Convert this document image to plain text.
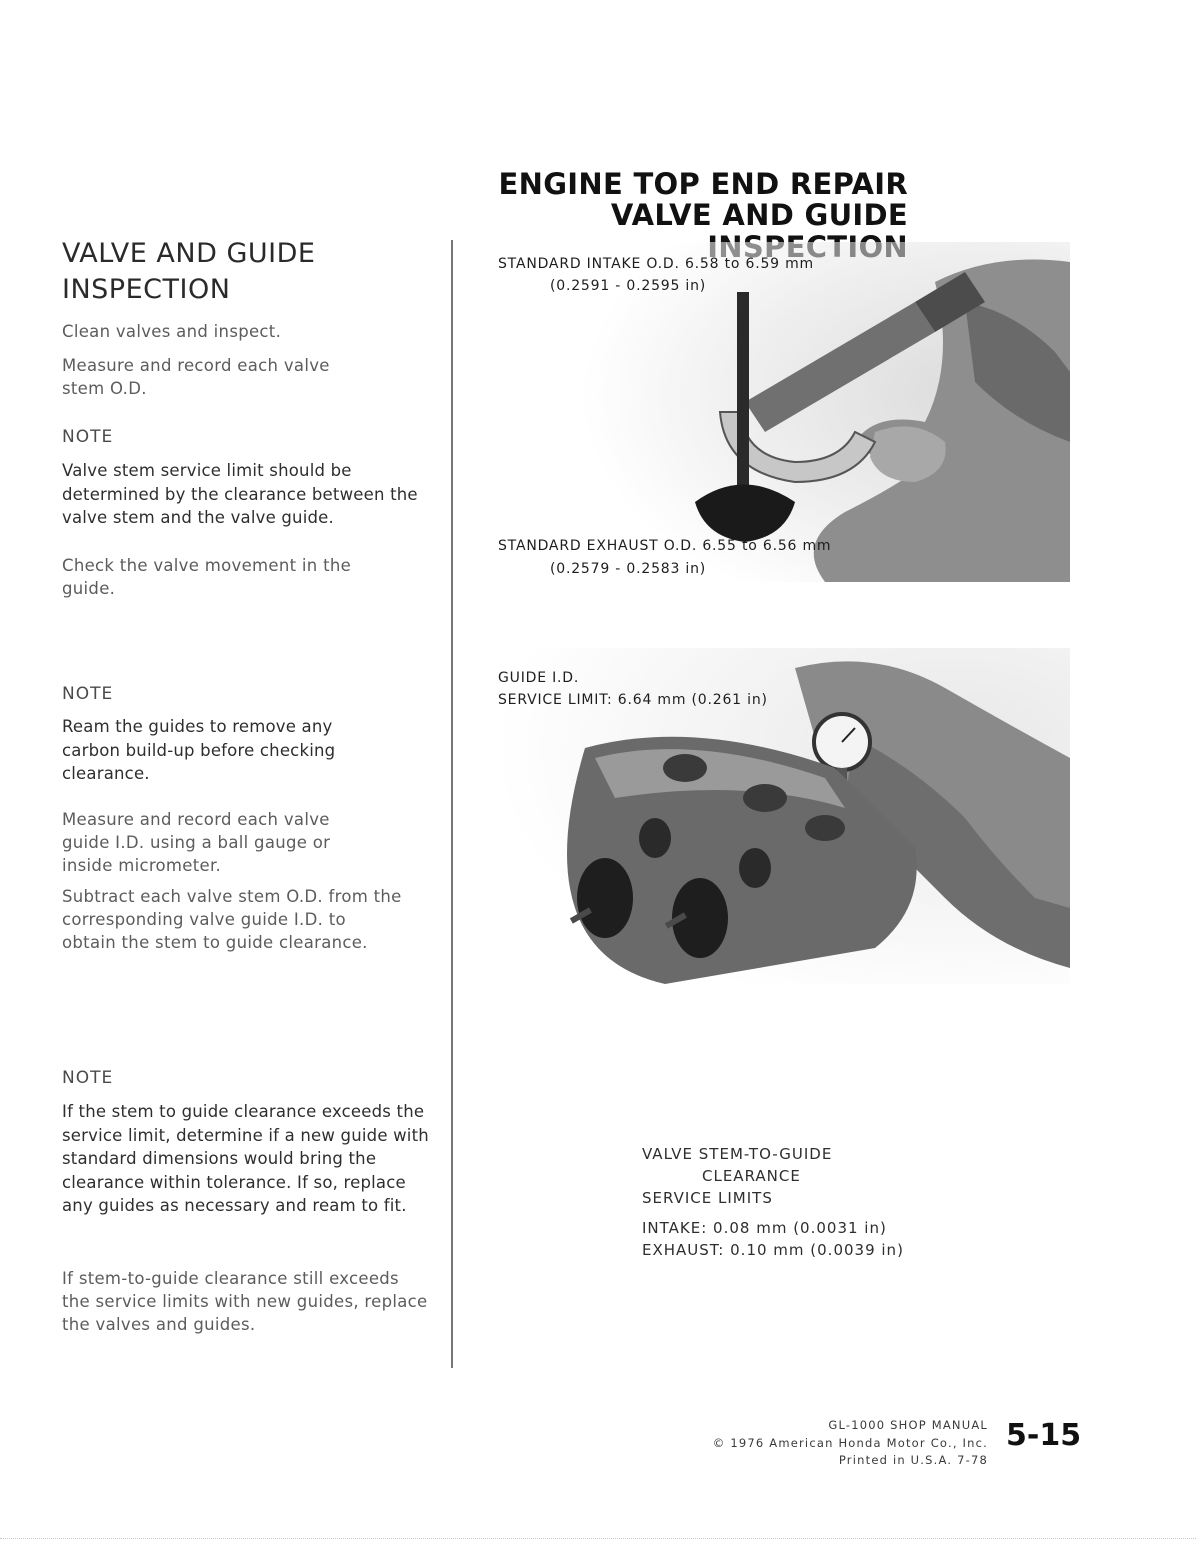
ENGINE TOP END REPAIR
VALVE AND GUIDE
VALVE AND GUIDE
INSPECTION
Clean valves and inspect.
Measure and record each valve stem O.D.
NOTE
Valve stem service limit should be determined by the clearance between the valve stem and the valve guide.
Check the valve movement in the guide.
NOTE
Ream the guides to remove any carbon build-up before checking clearance.
Measure and record each valve guide I.D. using a ball gauge or inside micrometer.
Subtract each valve stem O.D. from the corresponding valve guide I.D. to obtain the stem to guide clearance.
NOTE
If the stem to guide clearance exceeds the service limit, determine if a new guide with standard dimensions would bring the clearance within tolerance. If so, replace any guides as necessary and ream to fit.
If stem-to-guide clearance still exceeds the service limits with new guides, replace the valves and guides.
STANDARD INTAKE O.D. 6.58 to 6.59 mm
(0.2591 - 0.2595 in)
STANDARD EXHAUST O.D. 6.55 to 6.56 mm
(0.2579 - 0.2583 in)
GUIDE I.D.
SERVICE LIMIT: 6.64 mm (0.261 in)
VALVE STEM-TO-GUIDE
CLEARANCE
SERVICE LIMITS
INTAKE: 0.08 mm (0.0031 in)
EXHAUST: 0.10 mm (0.0039 in)
GL-1000 SHOP MANUAL
© 1976 American Honda Motor Co., Inc.
Printed in U.S.A. 7-78
5-15
